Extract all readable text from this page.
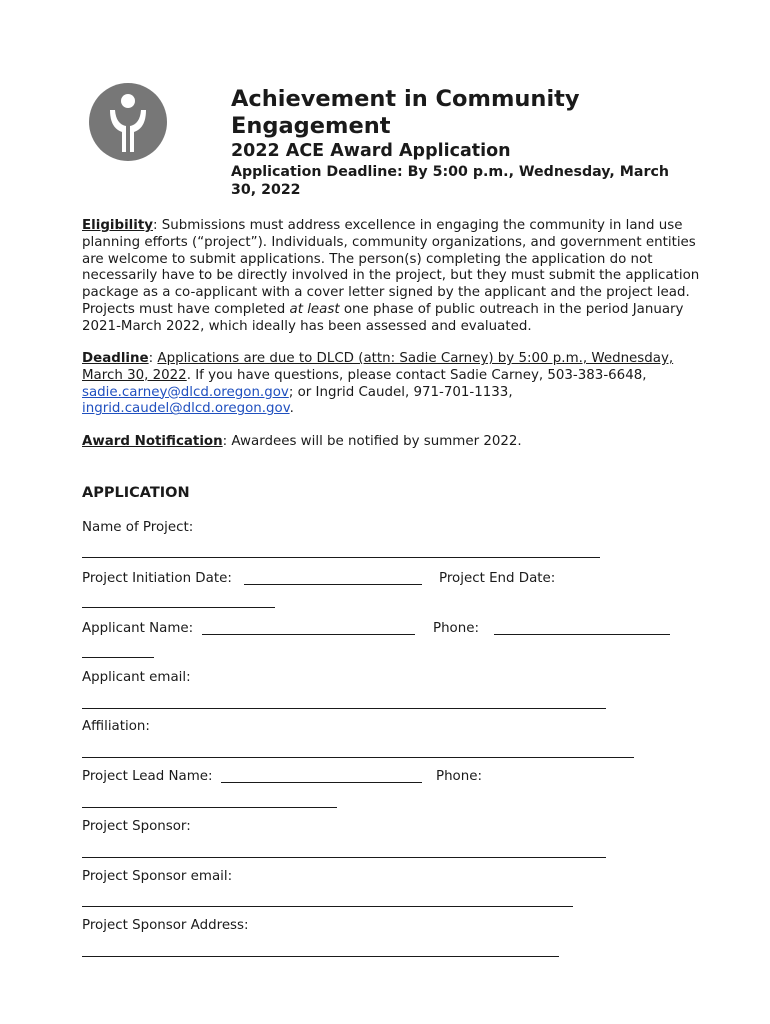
Achievement in Community Engagement
2022 ACE Award Application
Application Deadline: By 5:00 p.m., Wednesday, March 30, 2022
Eligibility: Submissions must address excellence in engaging the community in land use planning efforts (“project”). Individuals, community organizations, and government entities are welcome to submit applications. The person(s) completing the application do not necessarily have to be directly involved in the project, but they must submit the application package as a co-applicant with a cover letter signed by the applicant and the project lead. Projects must have completed at least one phase of public outreach in the period January 2021-March 2022, which ideally has been assessed and evaluated.
Deadline: Applications are due to DLCD (attn: Sadie Carney) by 5:00 p.m., Wednesday, March 30, 2022. If you have questions, please contact Sadie Carney, 503-383-6648, sadie.carney@dlcd.oregon.gov; or Ingrid Caudel, 971-701-1133, ingrid.caudel@dlcd.oregon.gov.
Award Notification: Awardees will be notified by summer 2022.
APPLICATION
Name of Project:
Project Initiation Date:	Project End Date:
Applicant Name:	Phone:
Applicant email:
Affiliation:
Project Lead Name:	Phone:
Project Sponsor:
Project Sponsor email:
Project Sponsor Address:
